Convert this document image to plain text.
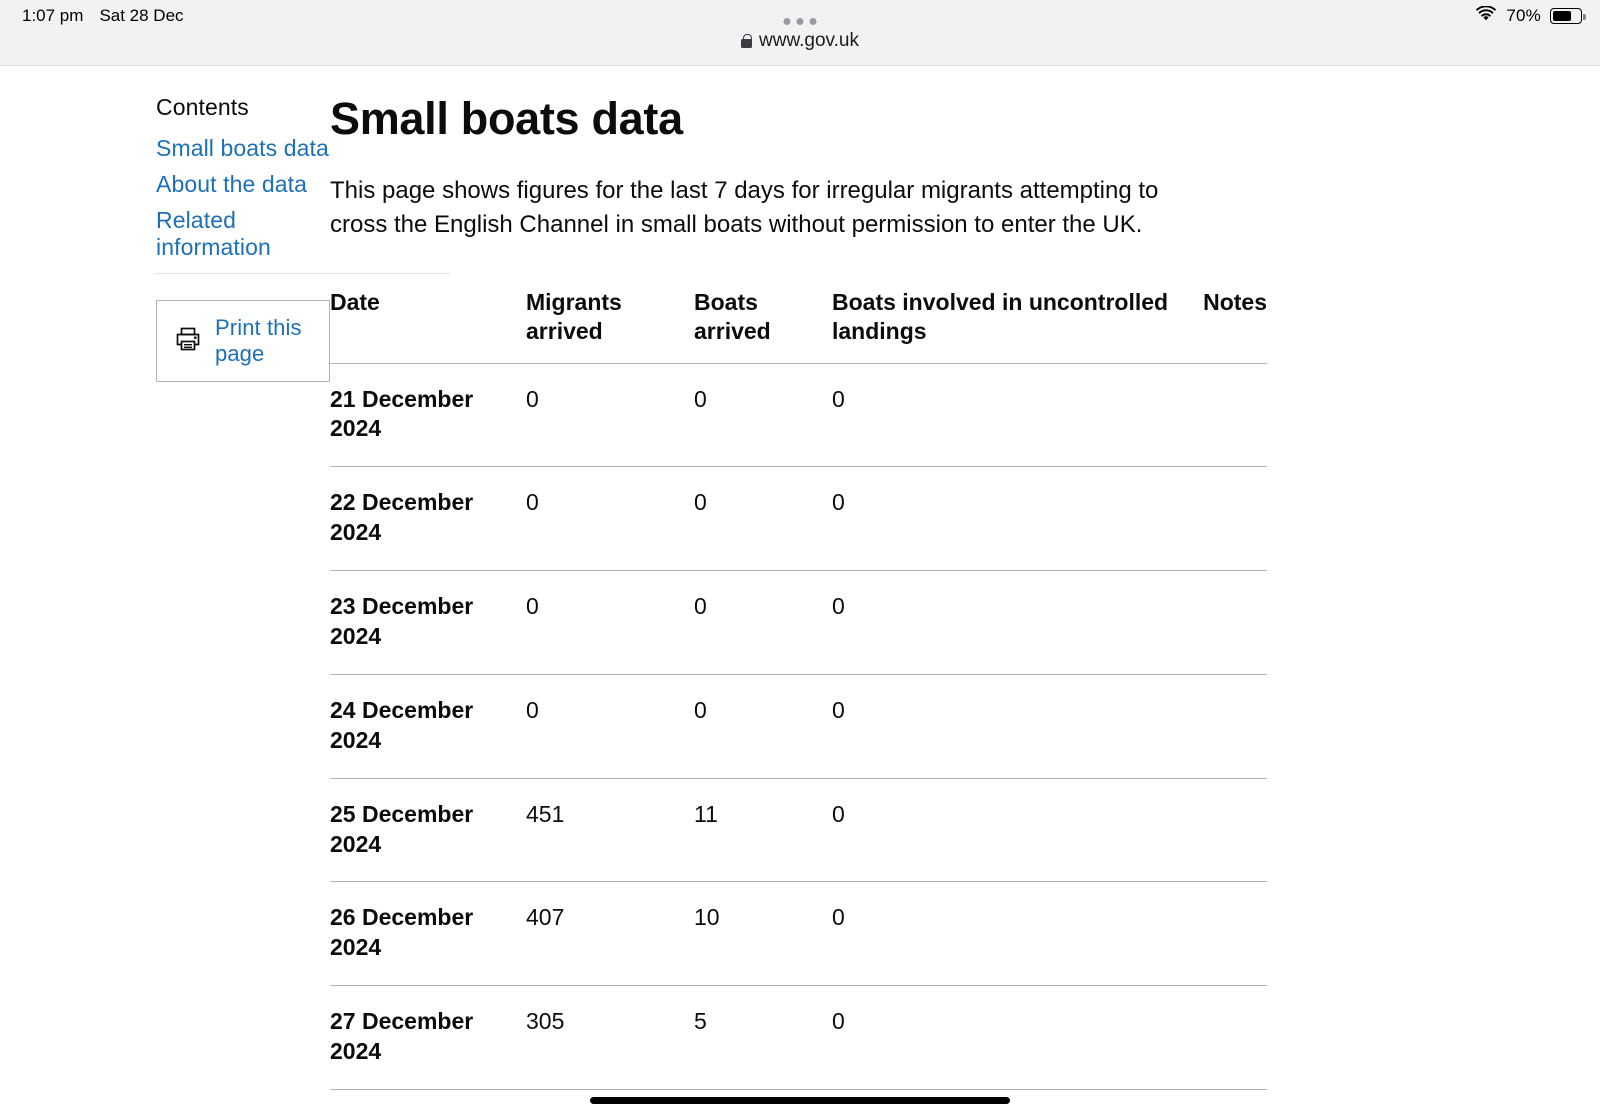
1:07 pm Sat 28 Dec	70%
www.gov.uk
Contents
Small boats data
About the data
Related information
Print this page
Small boats data

This page shows figures for the last 7 days for irregular migrants attempting to cross the English Channel in small boats without permission to enter the UK.

Date	Migrants arrived	Boats arrived	Boats involved in uncontrolled landings	Notes
21 December 2024	0	0	0	
22 December 2024	0	0	0	
23 December 2024	0	0	0	
24 December 2024	0	0	0	
25 December 2024	451	11	0	
26 December 2024	407	10	0	
27 December 2024	305	5	0	
